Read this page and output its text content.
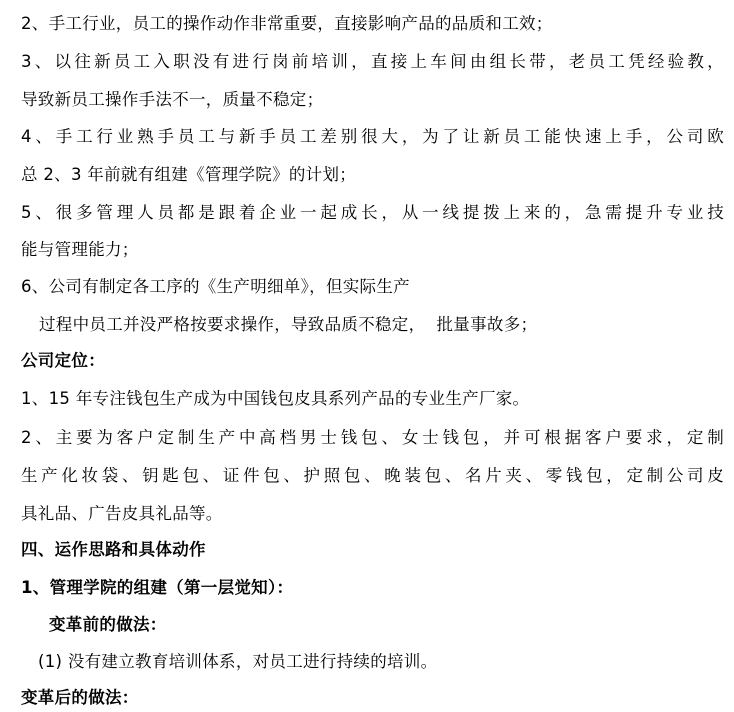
2、手工行业，员工的操作动作非常重要，直接影响产品的品质和工效；
3、以往新员工入职没有进行岗前培训，直接上车间由组长带，老员工凭经验教，
导致新员工操作手法不一，质量不稳定；
4、手工行业熟手员工与新手员工差别很大，为了让新员工能快速上手，公司欧
总 2、3 年前就有组建《管理学院》的计划；
5、很多管理人员都是跟着企业一起成长，从一线提拨上来的，急需提升专业技
能与管理能力；
6、公司有制定各工序的《生产明细单》，但实际生产
过程中员工并没严格按要求操作，导致品质不稳定，  批量事故多；
公司定位：
1、15 年专注钱包生产成为中国钱包皮具系列产品的专业生产厂家。
2、主要为客户定制生产中高档男士钱包、女士钱包，并可根据客户要求，定制
生产化妆袋、钥匙包、证件包、护照包、晚装包、名片夹、零钱包，定制公司皮
具礼品、广告皮具礼品等。
四、运作思路和具体动作
1、管理学院的组建（第一层觉知）：
变革前的做法：
(1) 没有建立教育培训体系，对员工进行持续的培训。
变革后的做法：
